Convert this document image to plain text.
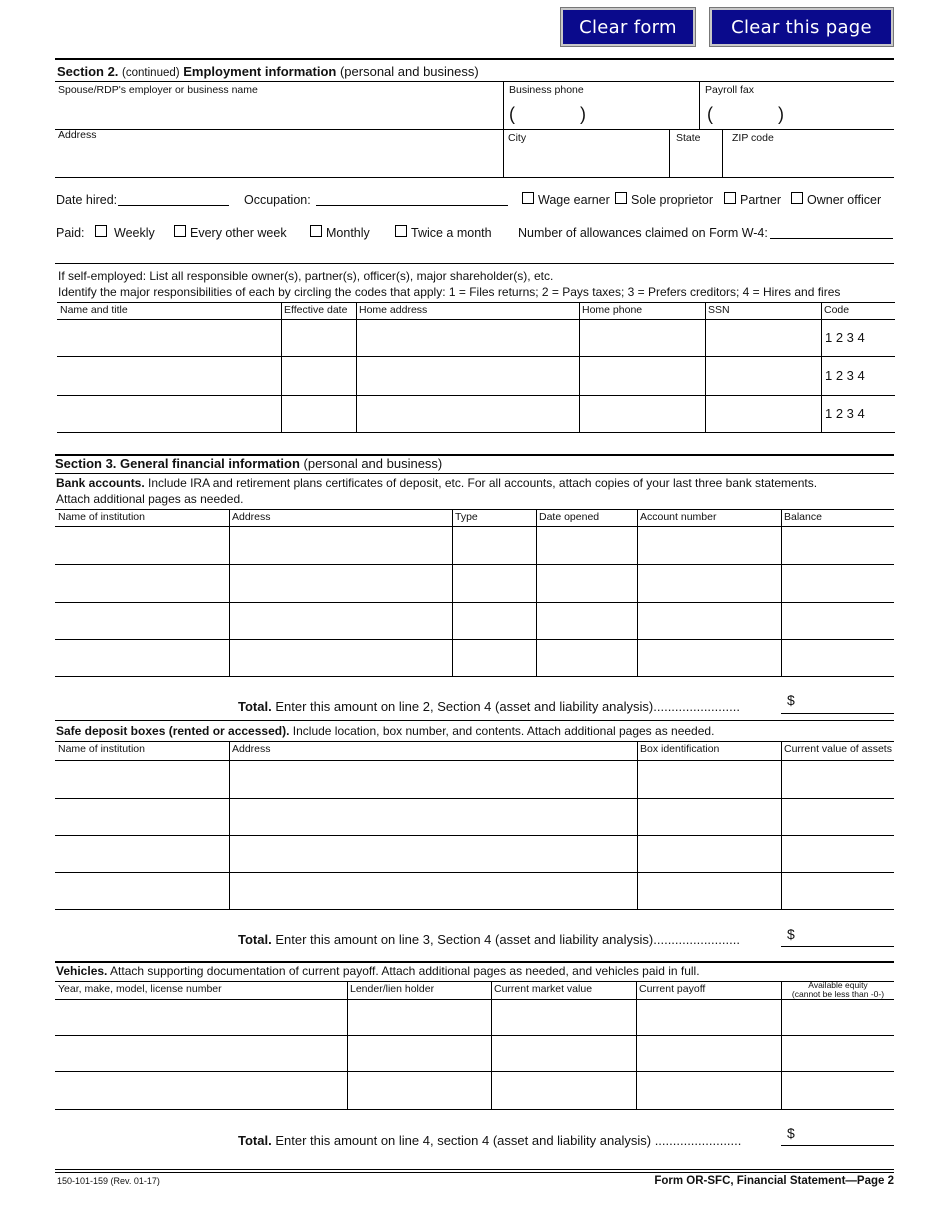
Clear form	Clear this page
Section 2. (continued) Employment information (personal and business)
Spouse/RDP's employer or business name	Business phone
(	)
Payroll fax
(	)
Address	City	State	ZIP code
Date hired:	Occupation:	Wage earner Sole proprietor Partner Owner officer
Paid: Weekly	Every other week	Monthly	Twice a month Number of allowances claimed on Form W-4:
If self-employed: List all responsible owner(s), partner(s), officer(s), major shareholder(s), etc.
Identify the major responsibilities of each by circling the codes that apply: 1 = Files returns; 2 = Pays taxes; 3 = Prefers creditors; 4 = Hires and fires
Section 3. General financial information (personal and business)
Bank accounts. Include IRA and retirement plans certificates of deposit, etc. For all accounts, attach copies of your last three bank statements.
Attach additional pages as needed.
Total. Enter this amount on line 2, Section 4 (asset and liability analysis)........................	$
Safe deposit boxes (rented or accessed). Include location, box number, and contents. Attach additional pages as needed.
Total. Enter this amount on line 3, Section 4 (asset and liability analysis)........................	$
Vehicles. Attach supporting documentation of current payoff. Attach additional pages as needed, and vehicles paid in full.
Total. Enter this amount on line 4, section 4 (asset and liability analysis) ........................	$
150-101-159 (Rev. 01-17)	Form OR-SFC, Financial Statement—Page 2
Name and title	Effective date Home address	Home phone	SSN	Code
1 2 3 4
1 2 3 4
1 2 3 4
Name of institution	Address	Type	Date opened	Account number	Balance
Name of institution	Address	Box identification	Current value of assets
Year, make, model, license number	Lender/lien holder	Current market value	Current payoff	Available equity
(cannot be less than -0-)
